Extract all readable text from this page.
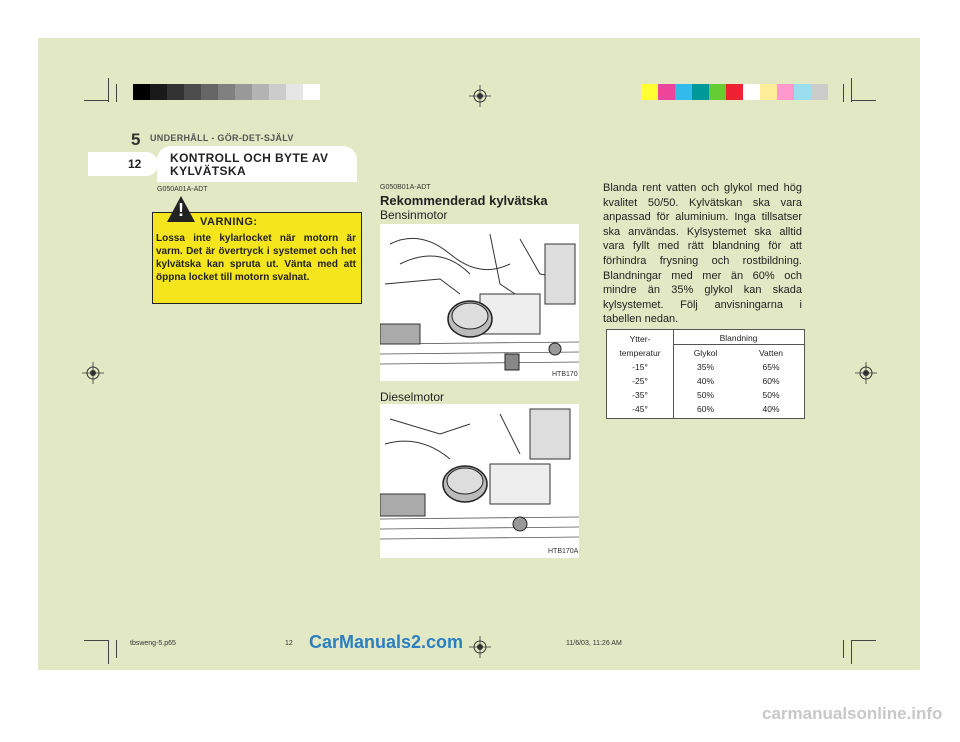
5 UNDERHÅLL - GÖR-DET-SJÄLV
12 KONTROLL OCH BYTE AV
KYLVÄTSKA
G050A01A-ADT
!
VARNING:
Lossa inte kylarlocket när motorn är varm. Det är övertryck i systemet och het kylvätska kan spruta ut. Vänta med att öppna locket till motorn svalnat.
G050B01A-ADT
Rekommenderad kylvätska
Bensinmotor
HTB170
Dieselmotor
HTB170A
Blanda rent vatten och glykol med hög kvalitet 50/50. Kylvätskan ska vara anpassad för aluminium. Inga tillsatser ska användas. Kylsystemet ska alltid vara fyllt med rätt blandning för att förhindra frysning och rostbildning. Blandningar med mer än 60% och mindre än 35% glykol kan skada kylsystemet. Följ anvisningarna i tabellen nedan.
Ytter-
temperatur
Blandning
Glykol	Vatten
-15°	35%	65%
-25°	40%	60%
-35°	50%	50%
-45°	60%	40%
tbsweng-5.p65	12	11/6/03, 11:26 AM
CarManuals2.com
carmanualsonline.info
